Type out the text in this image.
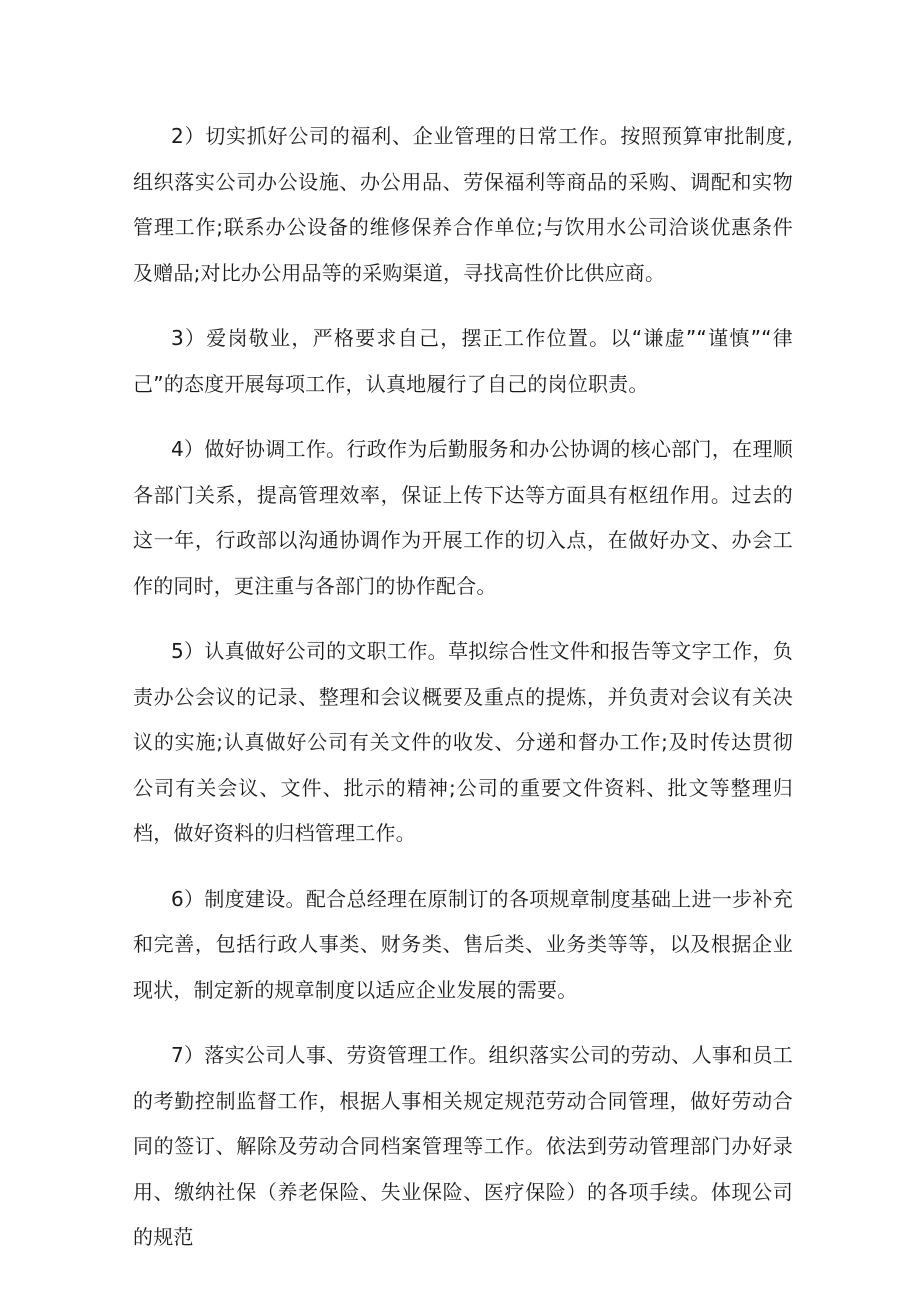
2）切实抓好公司的福利、企业管理的日常工作。按照预算审批制度,组织落实公司办公设施、办公用品、劳保福利等商品的采购、调配和实物管理工作;联系办公设备的维修保养合作单位;与饮用水公司洽谈优惠条件及赠品;对比办公用品等的采购渠道，寻找高性价比供应商。

3）爱岗敬业，严格要求自己，摆正工作位置。以“谦虚”“谨慎”“律己”的态度开展每项工作，认真地履行了自己的岗位职责。

4）做好协调工作。行政作为后勤服务和办公协调的核心部门，在理顺各部门关系，提高管理效率，保证上传下达等方面具有枢纽作用。过去的这一年，行政部以沟通协调作为开展工作的切入点，在做好办文、办会工作的同时，更注重与各部门的协作配合。

5）认真做好公司的文职工作。草拟综合性文件和报告等文字工作，负责办公会议的记录、整理和会议概要及重点的提炼，并负责对会议有关决议的实施;认真做好公司有关文件的收发、分递和督办工作;及时传达贯彻公司有关会议、文件、批示的精神;公司的重要文件资料、批文等整理归档，做好资料的归档管理工作。

6）制度建设。配合总经理在原制订的各项规章制度基础上进一步补充和完善，包括行政人事类、财务类、售后类、业务类等等，以及根据企业现状，制定新的规章制度以适应企业发展的需要。

7）落实公司人事、劳资管理工作。组织落实公司的劳动、人事和员工的考勤控制监督工作，根据人事相关规定规范劳动合同管理，做好劳动合同的签订、解除及劳动合同档案管理等工作。依法到劳动管理部门办好录用、缴纳社保（养老保险、失业保险、医疗保险）的各项手续。体现公司的规范
